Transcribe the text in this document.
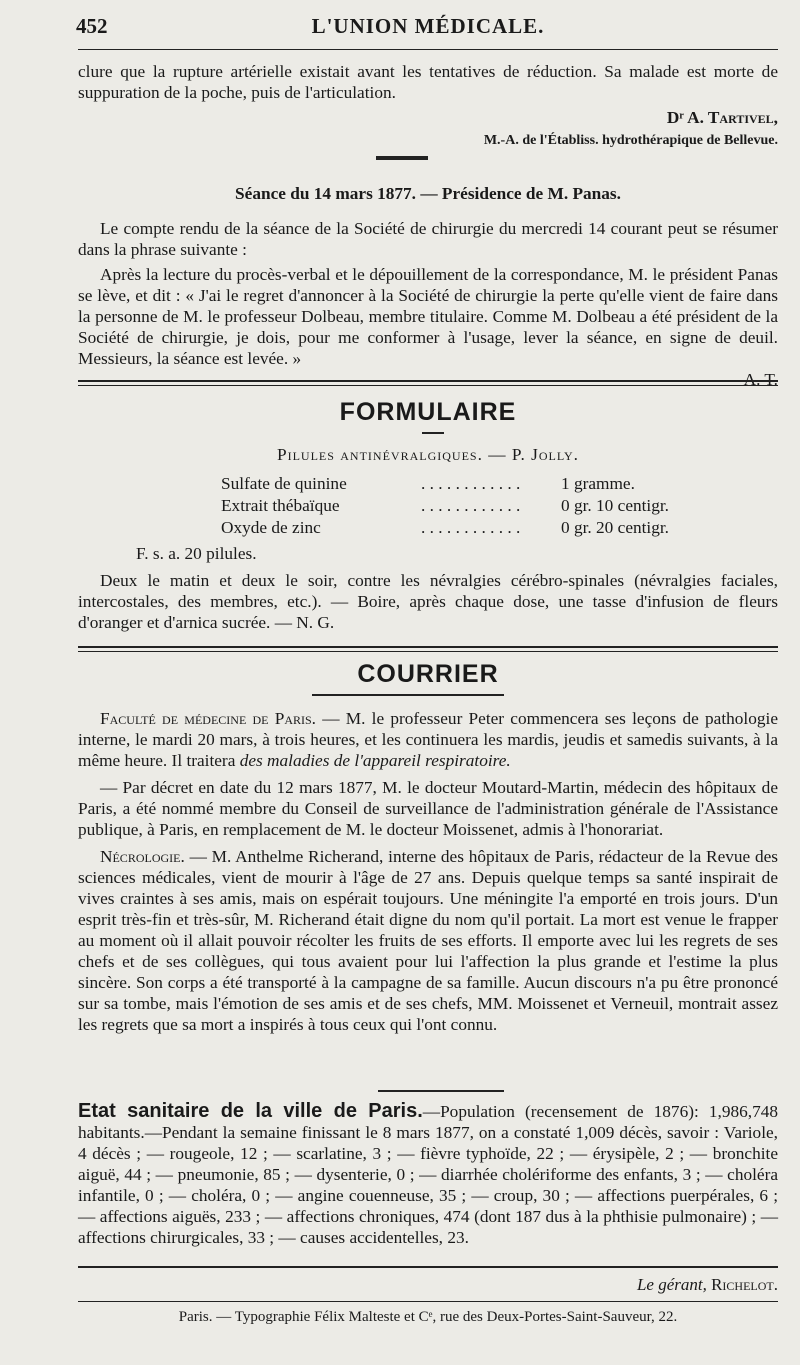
452	L'UNION MÉDICALE.

clure que la rupture artérielle existait avant les tentatives de réduction. Sa malade est morte de suppuration de la poche, puis de l'articulation.

Dʳ A. Tartivel,
M.-A. de l'Établiss. hydrothérapique de Bellevue.
Séance du 14 mars 1877. — Présidence de M. Panas.

Le compte rendu de la séance de la Société de chirurgie du mercredi 14 courant peut se résumer dans la phrase suivante :

Après la lecture du procès-verbal et le dépouillement de la correspondance, M. le président Panas se lève, et dit : « J'ai le regret d'annoncer à la Société de chirurgie la perte qu'elle vient de faire dans la personne de M. le professeur Dolbeau, membre titulaire. Comme M. Dolbeau a été président de la Société de chirurgie, je dois, pour me conformer à l'usage, lever la séance, en signe de deuil. Messieurs, la séance est levée. »

A. T.
FORMULAIRE
Pilules antinévralgiques. — P. Jolly.
Sulfate de quinine	. . . . . . . . . . . .	1 gramme.
Extrait thébaïque	. . . . . . . . . . . .	0 gr. 10 centigr.
Oxyde de zinc	. . . . . . . . . . . .	0 gr. 20 centigr.
F. s. a. 20 pilules.

Deux le matin et deux le soir, contre les névralgies cérébro-spinales (névralgies faciales, intercostales, des membres, etc.). — Boire, après chaque dose, une tasse d'infusion de fleurs d'oranger et d'arnica sucrée. — N. G.

COURRIER

Faculté de médecine de Paris. — M. le professeur Peter commencera ses leçons de pathologie interne, le mardi 20 mars, à trois heures, et les continuera les mardis, jeudis et samedis suivants, à la même heure. Il traitera des maladies de l'appareil respiratoire.

— Par décret en date du 12 mars 1877, M. le docteur Moutard-Martin, médecin des hôpitaux de Paris, a été nommé membre du Conseil de surveillance de l'administration générale de l'Assistance publique, à Paris, en remplacement de M. le docteur Moissenet, admis à l'honorariat.

Nécrologie. — M. Anthelme Richerand, interne des hôpitaux de Paris, rédacteur de la Revue des sciences médicales, vient de mourir à l'âge de 27 ans. Depuis quelque temps sa santé inspirait de vives craintes à ses amis, mais on espérait toujours. Une méningite l'a emporté en trois jours. D'un esprit très-fin et très-sûr, M. Richerand était digne du nom qu'il portait. La mort est venue le frapper au moment où il allait pouvoir récolter les fruits de ses efforts. Il emporte avec lui les regrets de ses chefs et de ses collègues, qui tous avaient pour lui l'affection la plus grande et l'estime la plus sincère. Son corps a été transporté à la campagne de sa famille. Aucun discours n'a pu être prononcé sur sa tombe, mais l'émotion de ses amis et de ses chefs, MM. Moissenet et Verneuil, montrait assez les regrets que sa mort a inspirés à tous ceux qui l'ont connu.

Etat sanitaire de la ville de Paris.—Population (recensement de 1876): 1,986,748 habitants.—Pendant la semaine finissant le 8 mars 1877, on a constaté 1,009 décès, savoir : Variole, 4 décès ; — rougeole, 12 ; — scarlatine, 3 ; — fièvre typhoïde, 22 ; — érysipèle, 2 ; — bronchite aiguë, 44 ; — pneumonie, 85 ; — dysenterie, 0 ; — diarrhée cholériforme des enfants, 3 ; — choléra infantile, 0 ; — choléra, 0 ; — angine couenneuse, 35 ; — croup, 30 ; — affections puerpérales, 6 ; — affections aiguës, 233 ; — affections chroniques, 474 (dont 187 dus à la phthisie pulmonaire) ; — affections chirurgicales, 33 ; — causes accidentelles, 23.

Le gérant, Richelot.
Paris. — Typographie Félix Malteste et Cᵉ, rue des Deux-Portes-Saint-Sauveur, 22.
